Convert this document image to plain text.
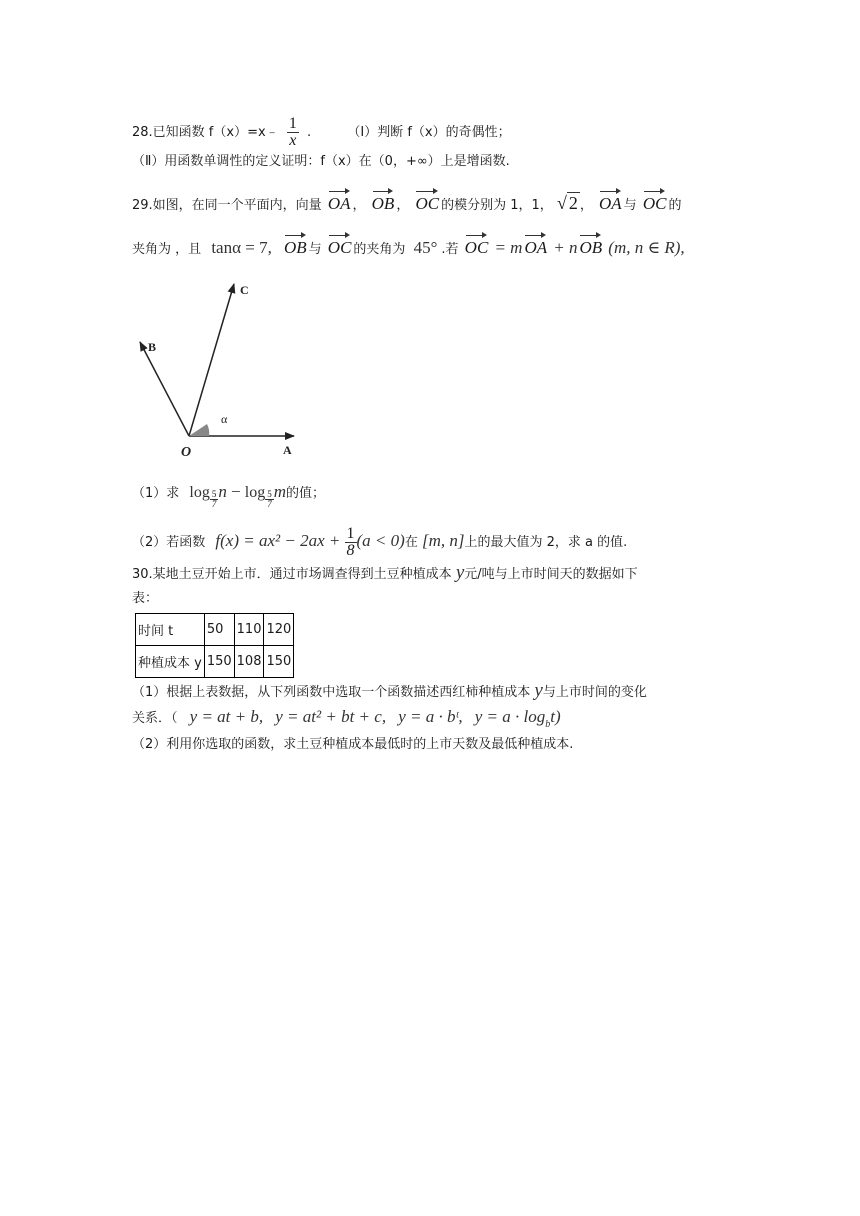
28.已知函数 f（x）=x﹣ $\frac{1}{x}$ .	（Ⅰ）判断 f（x）的奇偶性；
（Ⅱ）用函数单调性的定义证明：f（x）在（0，+∞）上是增函数.
29.如图，在同一个平面内，向量 OA ， OB ， OC 的模分别为 1，1， √ 2 ， OA 与 OC 的
夹角为 ，且 tanα = 7, OB 与 OC 的夹角为 45° .若 OC = m OA + n OB (m, n ∈ R),
C
B
O	A
α
（1）求 $\log \frac{5}{7}$ $n - \log \frac{5}{7}$ m的值；
（2）若函数 $f(x) = ax^2 - 2ax + \frac{1}{8} (a < 0)$在 [m, n]上的最大值为 2，求 a 的值.
30.某地土豆开始上市．通过市场调查得到土豆种植成本 y元/吨与上市时间天的数据如下
表：
时间 t	50	110	120
种植成本 y	150	108	150
（1）根据上表数据，从下列函数中选取一个函数描述西红柿种植成本 y与上市时间的变化
关系．（ y = at + b, y = at² + bt + c, y = a · bᵗ, $y = a \cdot \log_bt$)
（2）利用你选取的函数，求土豆种植成本最低时的上市天数及最低种植成本.
